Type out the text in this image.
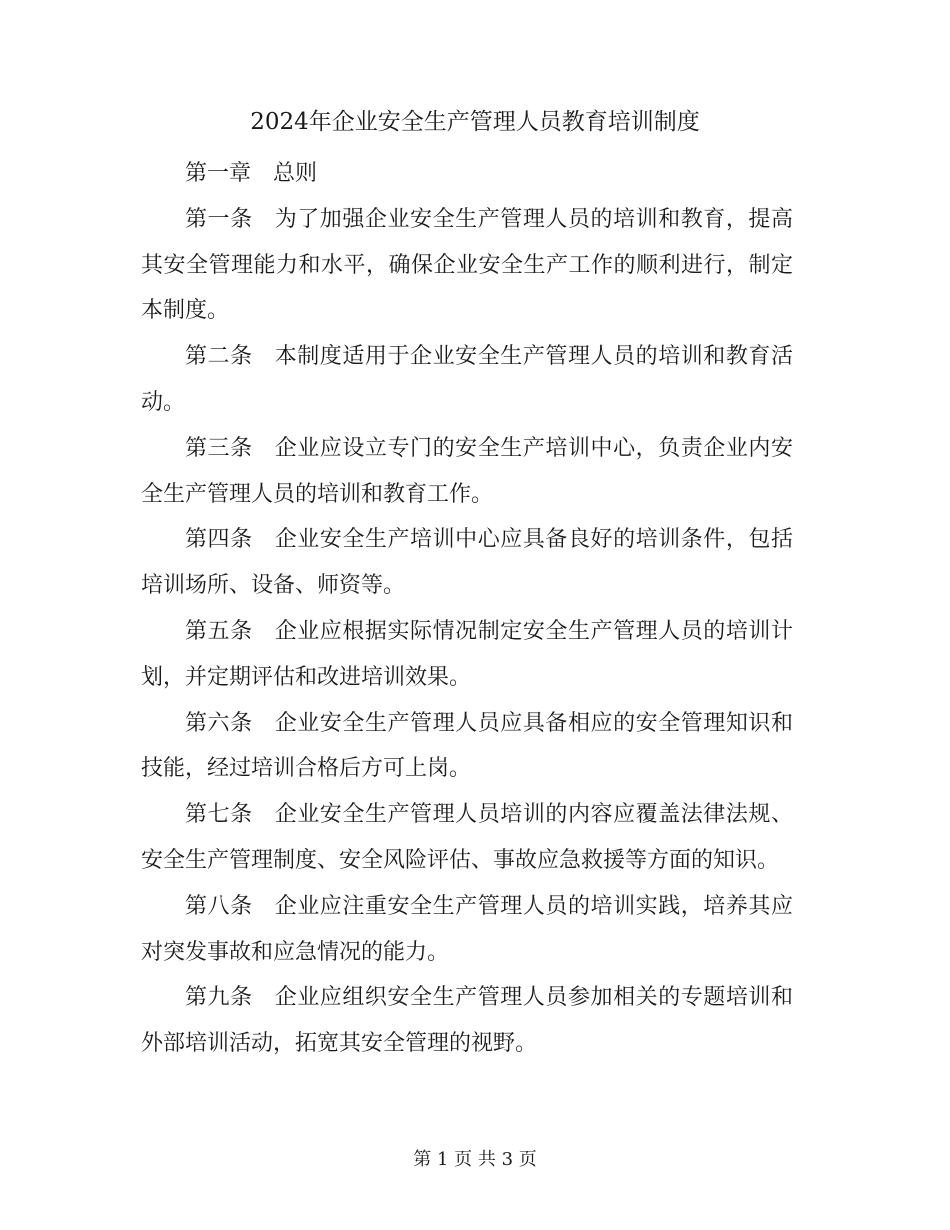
2024年企业安全生产管理人员教育培训制度

第一章 总则

第一条 为了加强企业安全生产管理人员的培训和教育，提高其安全管理能力和水平，确保企业安全生产工作的顺利进行，制定本制度。

第二条 本制度适用于企业安全生产管理人员的培训和教育活动。

第三条 企业应设立专门的安全生产培训中心，负责企业内安全生产管理人员的培训和教育工作。

第四条 企业安全生产培训中心应具备良好的培训条件，包括培训场所、设备、师资等。

第五条 企业应根据实际情况制定安全生产管理人员的培训计划，并定期评估和改进培训效果。

第六条 企业安全生产管理人员应具备相应的安全管理知识和技能，经过培训合格后方可上岗。

第七条 企业安全生产管理人员培训的内容应覆盖法律法规、安全生产管理制度、安全风险评估、事故应急救援等方面的知识。

第八条 企业应注重安全生产管理人员的培训实践，培养其应对突发事故和应急情况的能力。

第九条 企业应组织安全生产管理人员参加相关的专题培训和外部培训活动，拓宽其安全管理的视野。

第 1 页 共 3 页
